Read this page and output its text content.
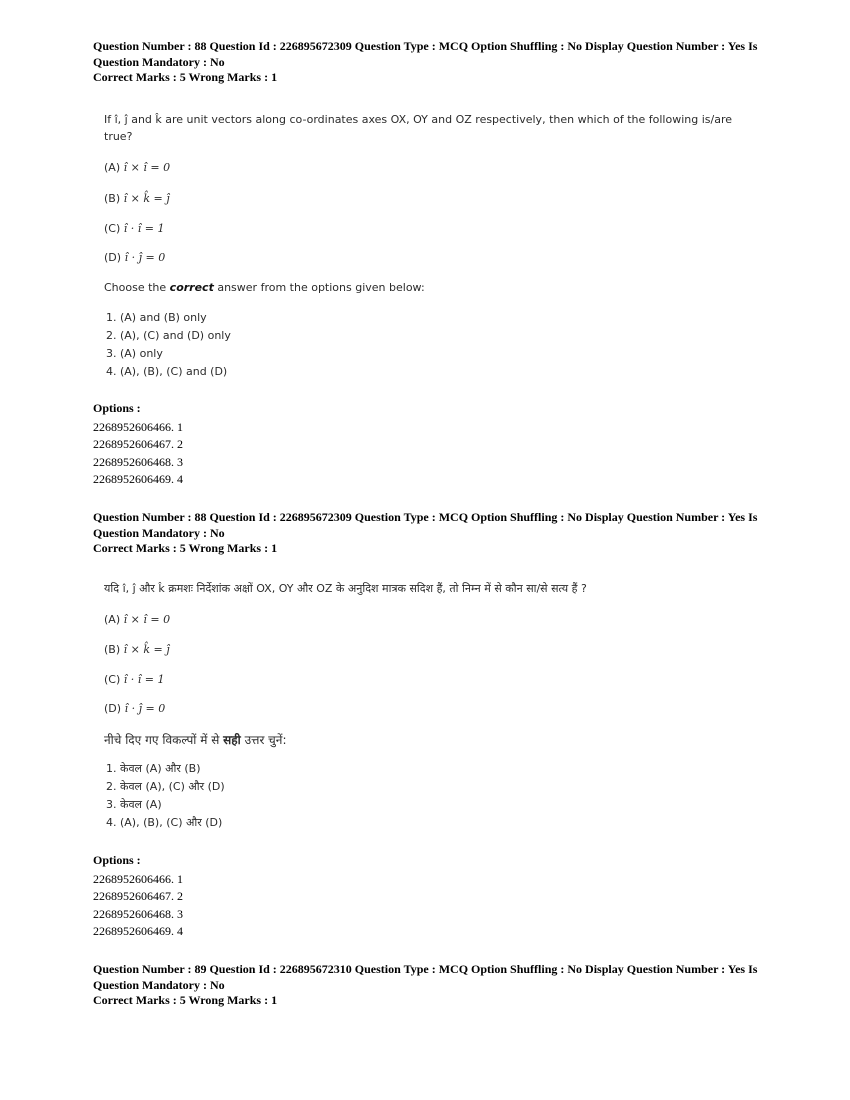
Question Number : 88 Question Id : 226895672309 Question Type : MCQ Option Shuffling : No Display Question Number : Yes Is
Question Mandatory : No
Correct Marks : 5 Wrong Marks : 1

If î, ĵ and k̂ are unit vectors along co-ordinates axes OX, OY and OZ respectively, then which of the following is/are
true?

(A) î × î = 0
(B) î × k̂ = ĵ
(C) î · î = 1
(D) î · ĵ = 0
Choose the correct answer from the options given below:
1. (A) and (B) only
2. (A), (C) and (D) only
3. (A) only
4. (A), (B), (C) and (D)
Options :
2268952606466. 1
2268952606467. 2
2268952606468. 3
2268952606469. 4
Question Number : 88 Question Id : 226895672309 Question Type : MCQ Option Shuffling : No Display Question Number : Yes Is
Question Mandatory : No
Correct Marks : 5 Wrong Marks : 1

यदि î, ĵ और k̂ क्रमशः निर्देशांक अक्षों OX, OY और OZ के अनुदिश मात्रक सदिश हैं, तो निम्न में से कौन सा/से सत्य हैं ?

(A) î × î = 0
(B) î × k̂ = ĵ
(C) î · î = 1
(D) î · ĵ = 0
नीचे दिए गए विकल्पों में से सही उत्तर चुनें:
1. केवल (A) और (B)
2. केवल (A), (C) और (D)
3. केवल (A)
4. (A), (B), (C) और (D)
Options :
2268952606466. 1
2268952606467. 2
2268952606468. 3
2268952606469. 4
Question Number : 89 Question Id : 226895672310 Question Type : MCQ Option Shuffling : No Display Question Number : Yes Is
Question Mandatory : No
Correct Marks : 5 Wrong Marks : 1
